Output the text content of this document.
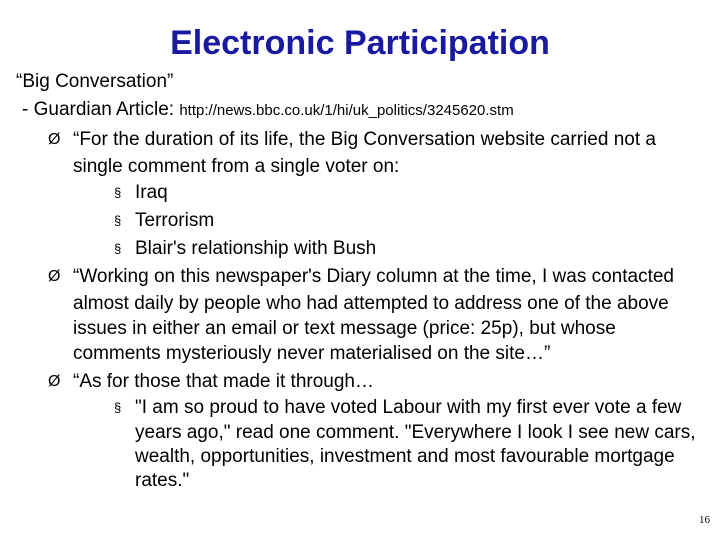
Electronic Participation
“Big Conversation”
- Guardian Article: http://news.bbc.co.uk/1/hi/uk_politics/3245620.stm
Ø “For the duration of its life, the Big Conversation website carried not a
single comment from a single voter on:
§ Iraq
§ Terrorism
§ Blair's relationship with Bush
Ø “Working on this newspaper's Diary column at the time, I was contacted
almost daily by people who had attempted to address one of the above
issues in either an email or text message (price: 25p), but whose
comments mysteriously never materialised on the site…”
Ø “As for those that made it through…
§ "I am so proud to have voted Labour with my first ever vote a few
years ago," read one comment. "Everywhere I look I see new cars,
wealth, opportunities, investment and most favourable mortgage
rates."
16
